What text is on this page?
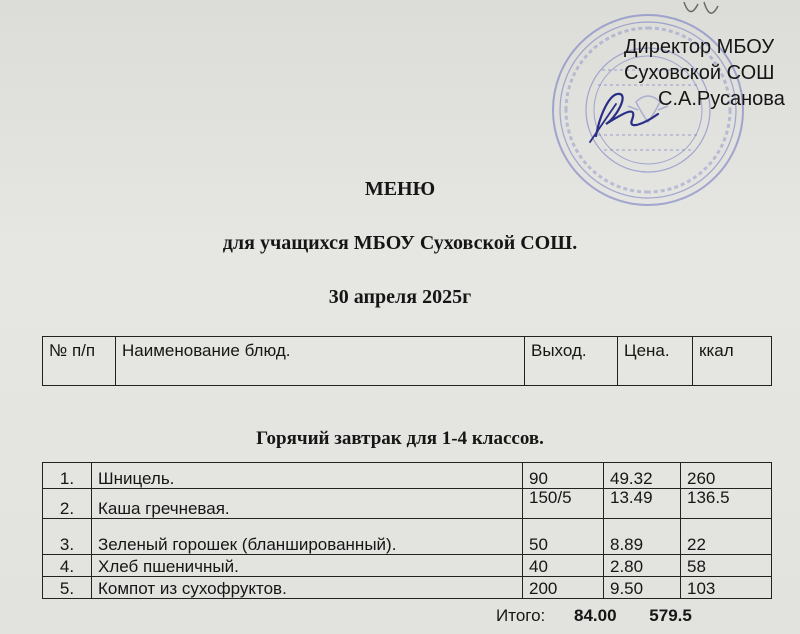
Директор МБОУ
Суховской СОШ
С.А.Русанова
МЕНЮ
для учащихся МБОУ Суховской СОШ.
30 апреля 2025г
№ п/п	Наименование блюд.	Выход.	Цена.	ккал
Горячий завтрак для 1-4 классов.
1.	Шницель.	90	49.32	260
2.	Каша гречневая.	150/5	13.49	136.5
3.	Зеленый горошек (бланшированный).	50	8.89	22
4.	Хлеб пшеничный.	40	2.80	58
5.	Компот из сухофруктов.	200	9.50	103
Итого: 84.00 579.5
